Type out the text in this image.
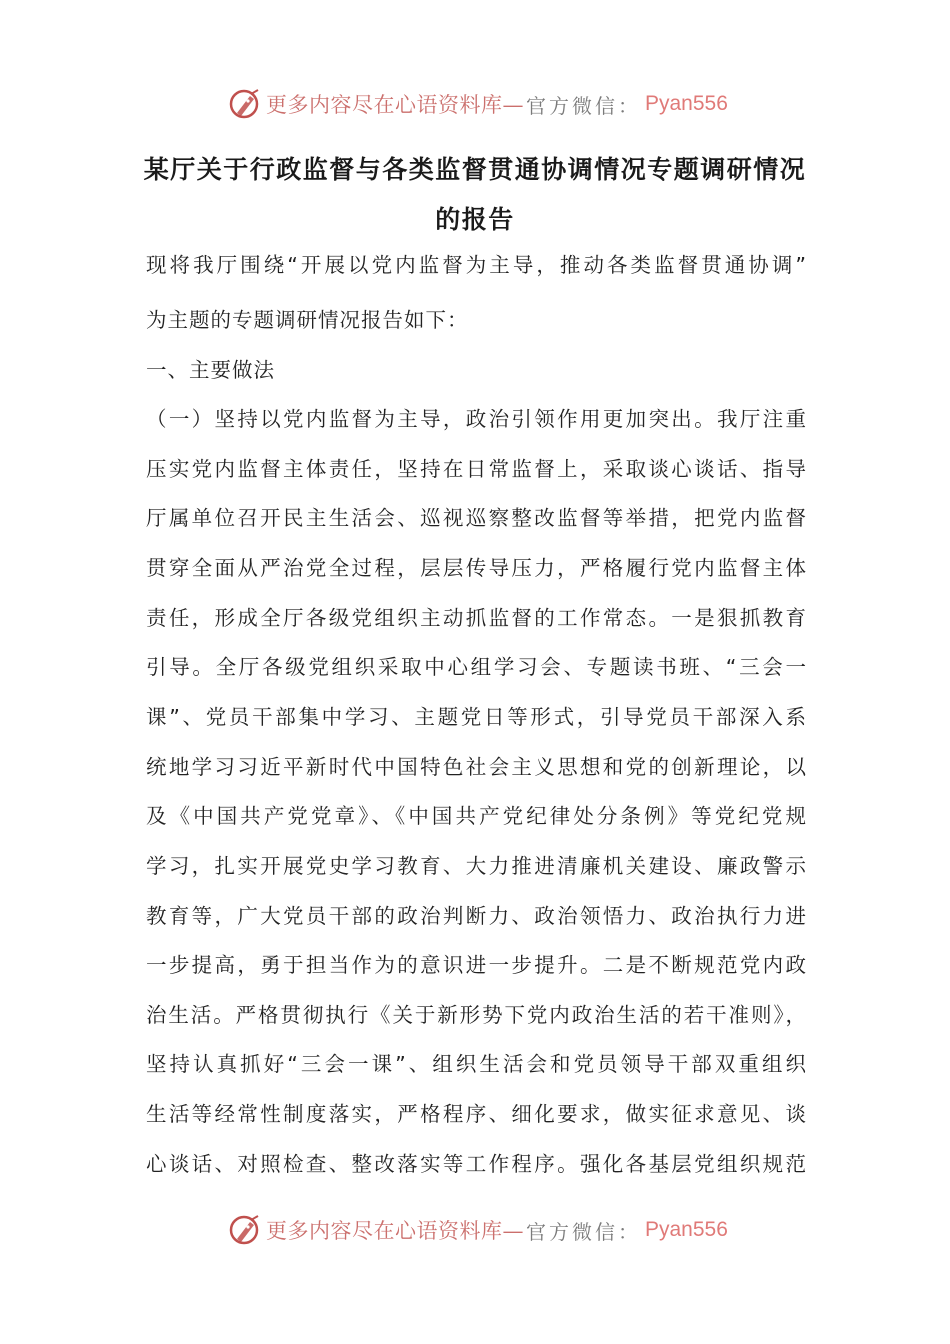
更多内容尽在心语资料库— 官方微信： Pyan556
某厅关于行政监督与各类监督贯通协调情况专题调研情况
的报告
现将我厅围绕“开展以党内监督为主导，推动各类监督贯通协调”
为主题的专题调研情况报告如下：
一、主要做法
（一）坚持以党内监督为主导，政治引领作用更加突出。我厅注重
压实党内监督主体责任，坚持在日常监督上，采取谈心谈话、指导
厅属单位召开民主生活会、巡视巡察整改监督等举措，把党内监督
贯穿全面从严治党全过程，层层传导压力，严格履行党内监督主体
责任，形成全厅各级党组织主动抓监督的工作常态。一是狠抓教育
引导。全厅各级党组织采取中心组学习会、专题读书班、“三会一
课”、党员干部集中学习、主题党日等形式，引导党员干部深入系
统地学习习近平新时代中国特色社会主义思想和党的创新理论，以
及《中国共产党党章》、《中国共产党纪律处分条例》等党纪党规
学习，扎实开展党史学习教育、大力推进清廉机关建设、廉政警示
教育等，广大党员干部的政治判断力、政治领悟力、政治执行力进
一步提高，勇于担当作为的意识进一步提升。二是不断规范党内政
治生活。严格贯彻执行《关于新形势下党内政治生活的若干准则》，
坚持认真抓好“三会一课”、组织生活会和党员领导干部双重组织
生活等经常性制度落实，严格程序、细化要求，做实征求意见、谈
心谈话、对照检查、整改落实等工作程序。强化各基层党组织规范
更多内容尽在心语资料库— 官方微信： Pyan556
